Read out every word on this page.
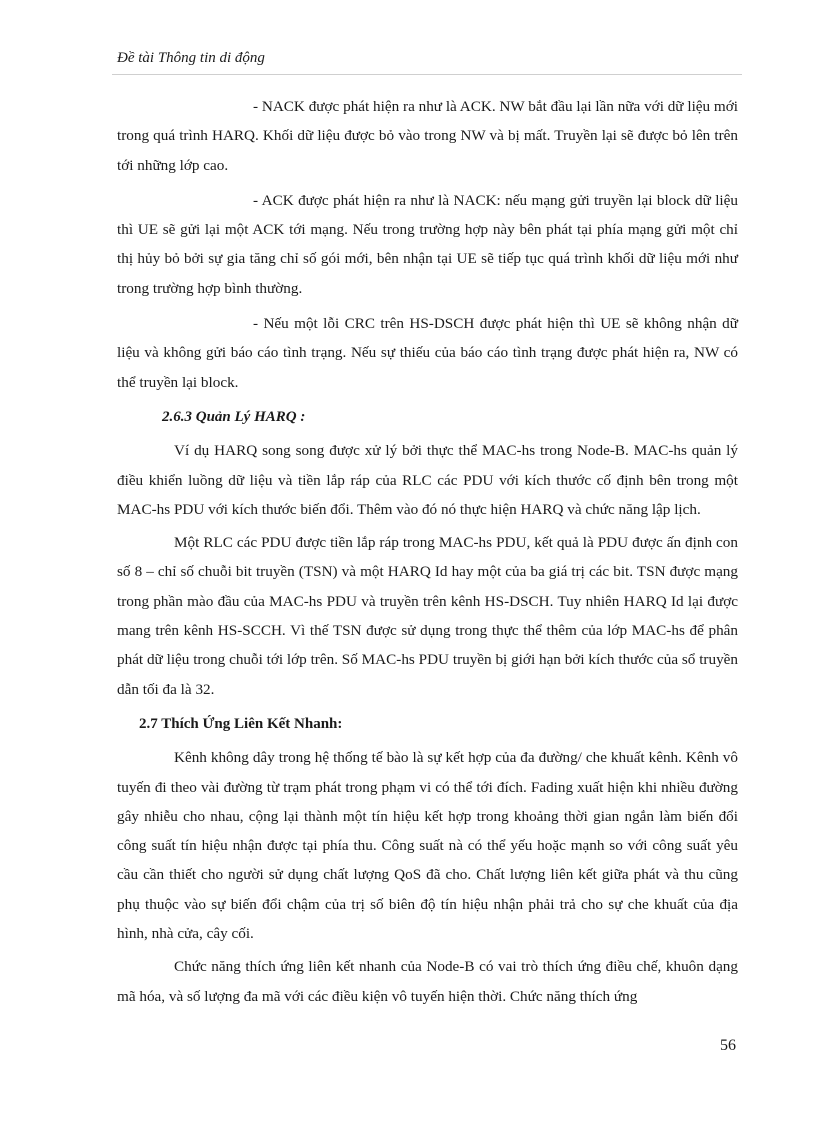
Đề tài Thông tin di động

- NACK được phát hiện ra như là ACK. NW bắt đầu lại lần nữa với dữ liệu mới trong quá trình HARQ. Khối dữ liệu được bỏ vào trong NW và bị mất. Truyền lại sẽ được bỏ lên trên tới những lớp cao.

- ACK được phát hiện ra như là NACK: nếu mạng gửi truyền lại block dữ liệu thì UE sẽ gửi lại một ACK tới mạng. Nếu trong trường hợp này bên phát tại phía mạng gửi một chỉ thị hủy bỏ bởi sự gia tăng chỉ số gói mới, bên nhận tại UE sẽ tiếp tục quá trình khối dữ liệu mới như trong trường hợp bình thường.

- Nếu một lỗi CRC trên HS-DSCH được phát hiện thì UE sẽ không nhận dữ liệu và không gửi báo cáo tình trạng. Nếu sự thiếu của báo cáo tình trạng được phát hiện ra, NW có thể truyền lại block.

2.6.3 Quản Lý HARQ :

Ví dụ HARQ song song được xử lý bởi thực thể MAC-hs trong Node-B. MAC-hs quản lý điều khiển luồng dữ liệu và tiền lắp ráp của RLC các PDU với kích thước cố định bên trong một MAC-hs PDU với kích thước biến đổi. Thêm vào đó nó thực hiện HARQ và chức năng lập lịch.

Một RLC các PDU được tiền lắp ráp trong MAC-hs PDU, kết quả là PDU được ấn định con số 8 – chỉ số chuỗi bit truyền (TSN) và một HARQ Id hay một của ba giá trị các bit. TSN được mạng trong phần mào đầu của MAC-hs PDU và truyền trên kênh HS-DSCH. Tuy nhiên HARQ Id lại được mang trên kênh HS-SCCH. Vì thế TSN được sử dụng trong thực thể thêm của lớp MAC-hs để phân phát dữ liệu trong chuỗi tới lớp trên. Số MAC-hs PDU truyền bị giới hạn bởi kích thước của sổ truyền dẫn tối đa là 32.

2.7 Thích Ứng Liên Kết Nhanh:

Kênh không dây trong hệ thống tế bào là sự kết hợp của đa đường/ che khuất kênh. Kênh vô tuyến đi theo vài đường từ trạm phát trong phạm vi có thể tới đích. Fading xuất hiện khi nhiều đường gây nhiễu cho nhau, cộng lại thành một tín hiệu kết hợp trong khoảng thời gian ngắn làm biến đổi công suất tín hiệu nhận được tại phía thu. Công suất nà có thể yếu hoặc mạnh so với công suất yêu cầu cần thiết cho người sử dụng chất lượng QoS đã cho. Chất lượng liên kết giữa phát và thu cũng phụ thuộc vào sự biến đổi chậm của trị số biên độ tín hiệu nhận phải trả cho sự che khuất của địa hình, nhà cửa, cây cối.

Chức năng thích ứng liên kết nhanh của Node-B có vai trò thích ứng điều chế, khuôn dạng mã hóa, và số lượng đa mã với các điều kiện vô tuyến hiện thời. Chức năng thích ứng

56
